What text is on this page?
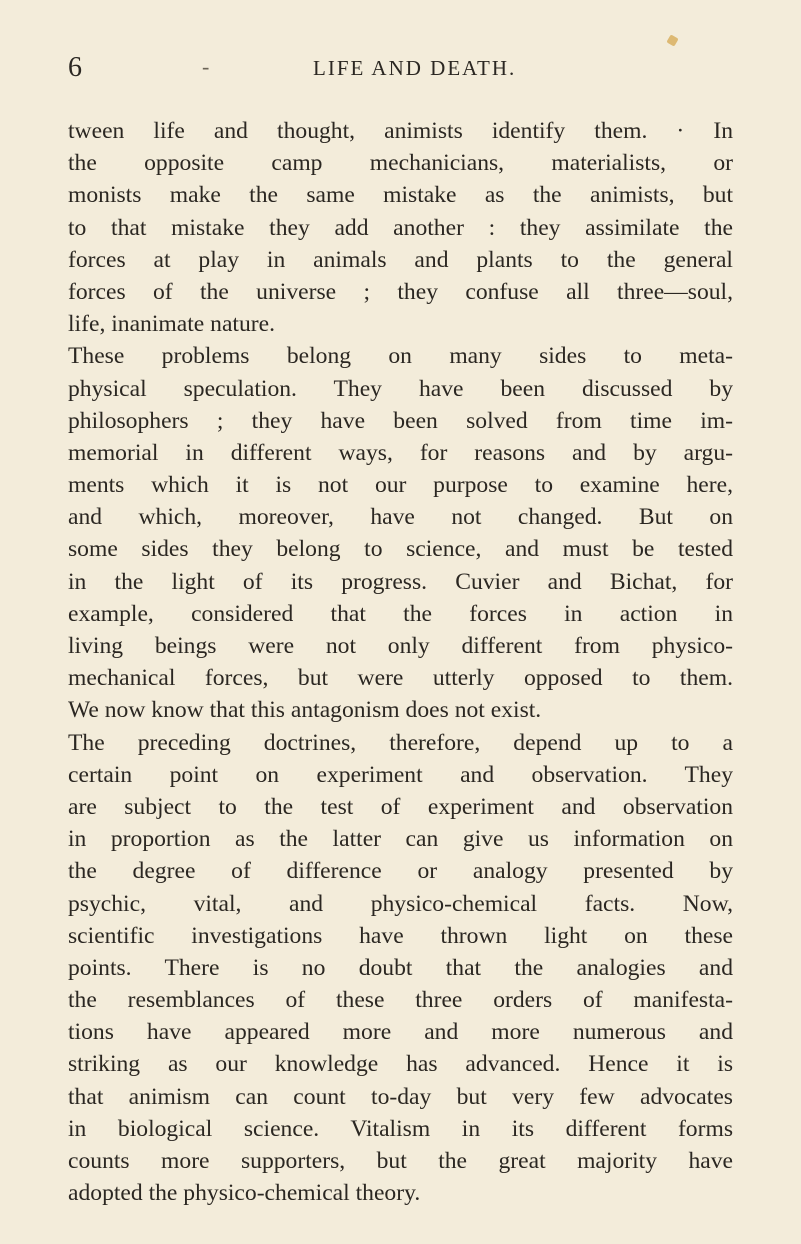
6	-	LIFE AND DEATH.
tween life and thought, animists identify them. · In
the opposite camp mechanicians, materialists, or
monists make the same mistake as the animists, but
to that mistake they add another : they assimilate the
forces at play in animals and plants to the general
forces of the universe ; they confuse all three—soul,
life, inanimate nature.
These problems belong on many sides to meta-
physical speculation. They have been discussed by
philosophers ; they have been solved from time im-
memorial in different ways, for reasons and by argu-
ments which it is not our purpose to examine here,
and which, moreover, have not changed. But on
some sides they belong to science, and must be tested
in the light of its progress. Cuvier and Bichat, for
example, considered that the forces in action in
living beings were not only different from physico-
mechanical forces, but were utterly opposed to them.
We now know that this antagonism does not exist.
The preceding doctrines, therefore, depend up to a
certain point on experiment and observation. They
are subject to the test of experiment and observation
in proportion as the latter can give us information on
the degree of difference or analogy presented by
psychic, vital, and physico-chemical facts. Now,
scientific investigations have thrown light on these
points. There is no doubt that the analogies and
the resemblances of these three orders of manifesta-
tions have appeared more and more numerous and
striking as our knowledge has advanced. Hence it is
that animism can count to-day but very few advocates
in biological science. Vitalism in its different forms
counts more supporters, but the great majority have
adopted the physico-chemical theory.
